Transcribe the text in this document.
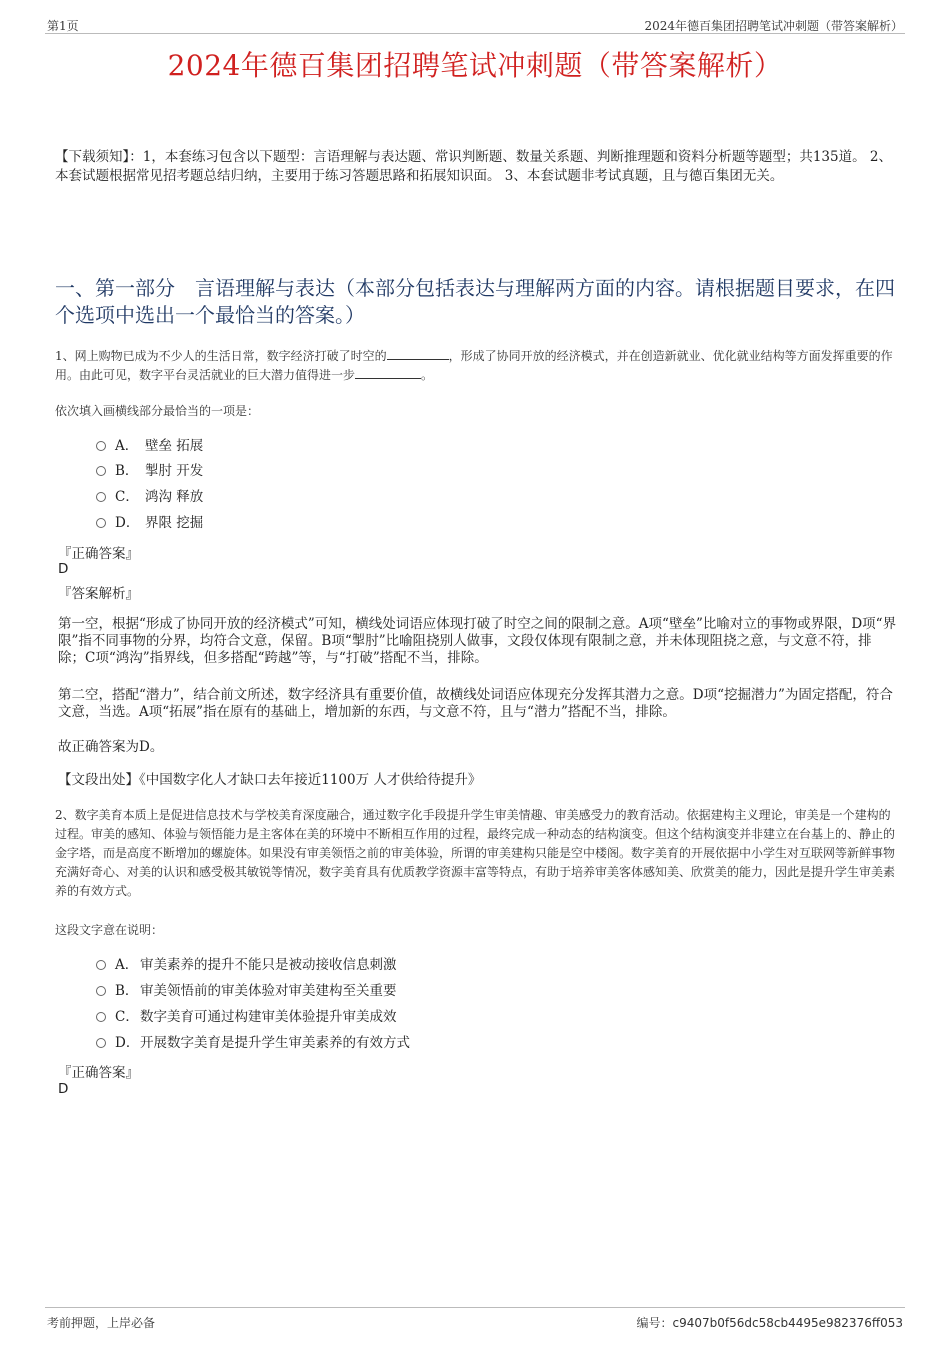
第1页	2024年德百集团招聘笔试冲刺题（带答案解析）
2024年德百集团招聘笔试冲刺题（带答案解析）
【下载须知】：1，本套练习包含以下题型：言语理解与表达题、常识判断题、数量关系题、判断推理题和资料分析题等题型；共135道。 2、本套试题根据常见招考题总结归纳，主要用于练习答题思路和拓展知识面。 3、本套试题非考试真题，且与德百集团无关。
一、第一部分　言语理解与表达（本部分包括表达与理解两方面的内容。请根据题目要求，在四个选项中选出一个最恰当的答案。）
1、网上购物已成为不少人的生活日常，数字经济打破了时空的	，形成了协同开放的经济模式，并在创造新就业、优化就业结构等方面发挥重要的作用。由此可见，数字平台灵活就业的巨大潜力值得进一步	。
依次填入画横线部分最恰当的一项是：
A． 壁垒 拓展
B． 掣肘 开发
C． 鸿沟 释放
D． 界限 挖掘
『正确答案』
D
『答案解析』
第一空，根据“形成了协同开放的经济模式”可知，横线处词语应体现打破了时空之间的限制之意。A项“壁垒”比喻对立的事物或界限，D项“界限”指不同事物的分界，均符合文意，保留。B项“掣肘”比喻阻挠别人做事，文段仅体现有限制之意，并未体现阻挠之意，与文意不符，排除；C项“鸿沟”指界线，但多搭配“跨越”等，与“打破”搭配不当，排除。
第二空，搭配“潜力”，结合前文所述，数字经济具有重要价值，故横线处词语应体现充分发挥其潜力之意。D项“挖掘潜力”为固定搭配，符合文意，当选。A项“拓展”指在原有的基础上，增加新的东西，与文意不符，且与“潜力”搭配不当，排除。
故正确答案为D。
【文段出处】《中国数字化人才缺口去年接近1100万 人才供给待提升》
2、数字美育本质上是促进信息技术与学校美育深度融合，通过数字化手段提升学生审美情趣、审美感受力的教育活动。依据建构主义理论，审美是一个建构的过程。审美的感知、体验与领悟能力是主客体在美的环境中不断相互作用的过程，最终完成一种动态的结构演变。但这个结构演变并非建立在台基上的、静止的金字塔，而是高度不断增加的螺旋体。如果没有审美领悟之前的审美体验，所谓的审美建构只能是空中楼阁。数字美育的开展依据中小学生对互联网等新鲜事物充满好奇心、对美的认识和感受极其敏锐等情况，数字美育具有优质教学资源丰富等特点，有助于培养审美客体感知美、欣赏美的能力，因此是提升学生审美素养的有效方式。
这段文字意在说明：
A． 审美素养的提升不能只是被动接收信息刺激
B． 审美领悟前的审美体验对审美建构至关重要
C．数字美育可通过构建审美体验提升审美成效
D．开展数字美育是提升学生审美素养的有效方式
『正确答案』
D
考前押题，上岸必备	编号：c9407b0f56dc58cb4495e982376ff053
